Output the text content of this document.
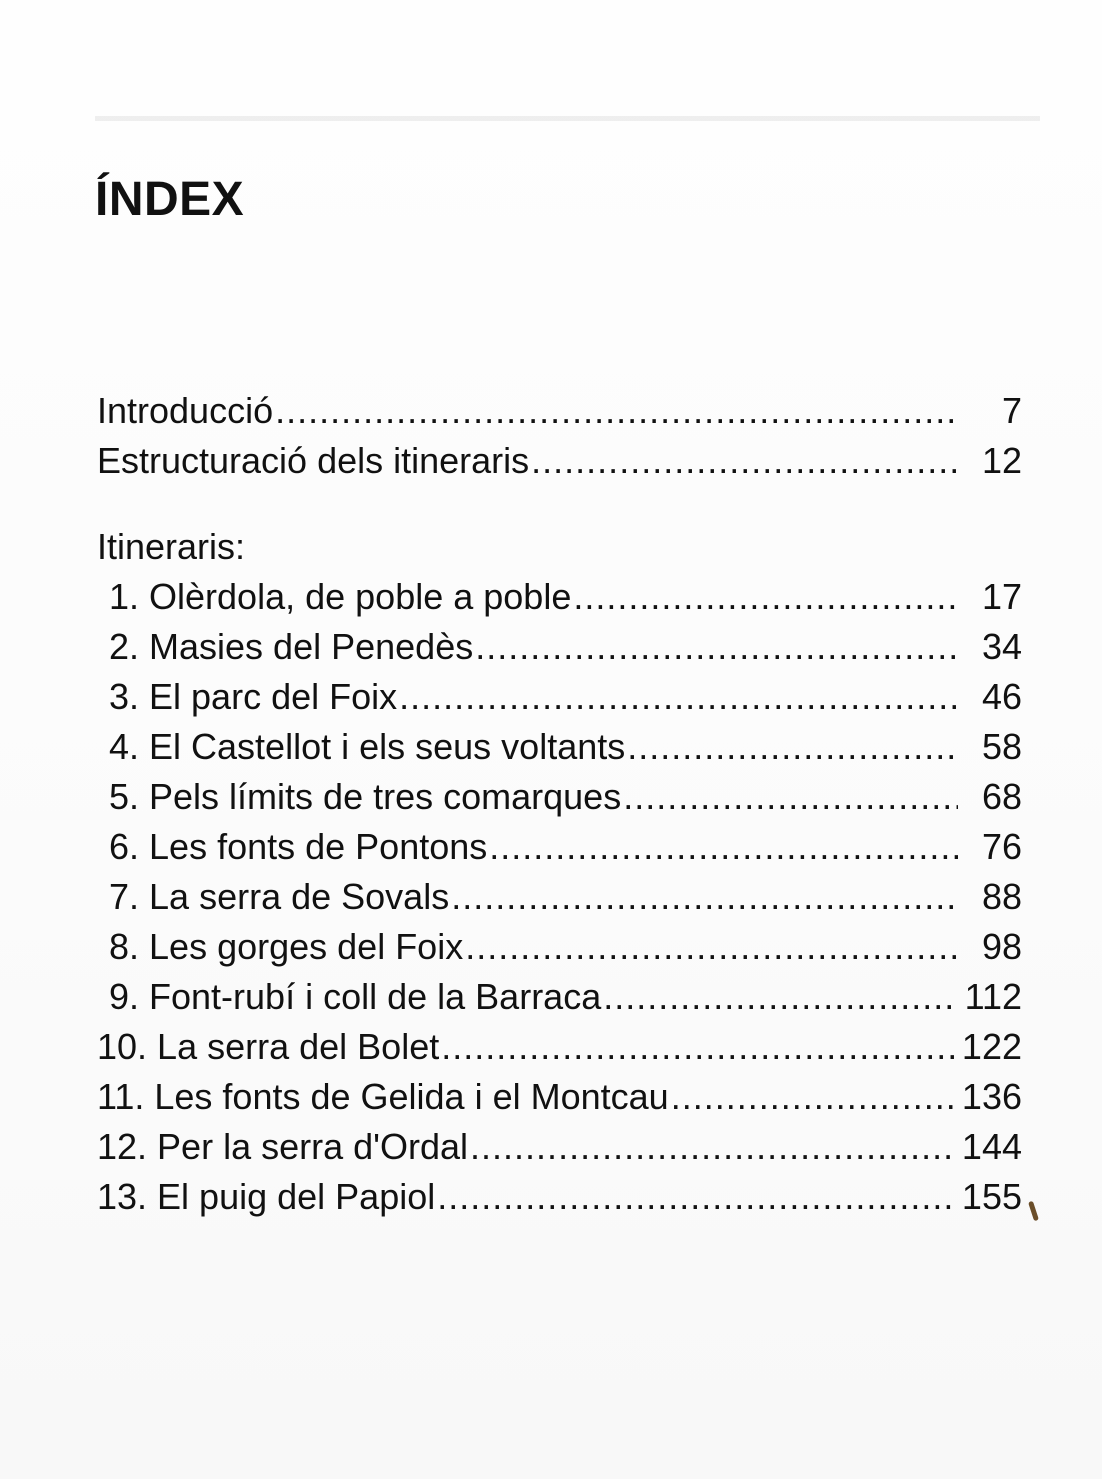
ÍNDEX
Introducció .....	7
Estructuració dels itineraris .....	12
Itineraris:
1. Olèrdola, de poble a poble .....	17
2. Masies del Penedès .....	34
3. El parc del Foix .....	46
4. El Castellot i els seus voltants .....	58
5. Pels límits de tres comarques .....	68
6. Les fonts de Pontons .....	76
7. La serra de Sovals .....	88
8. Les gorges del Foix .....	98
9. Font-rubí i coll de la Barraca .....	112
10. La serra del Bolet .....	122
11. Les fonts de Gelida i el Montcau .....	136
12. Per la serra d'Ordal .....	144
13. El puig del Papiol .....	155
